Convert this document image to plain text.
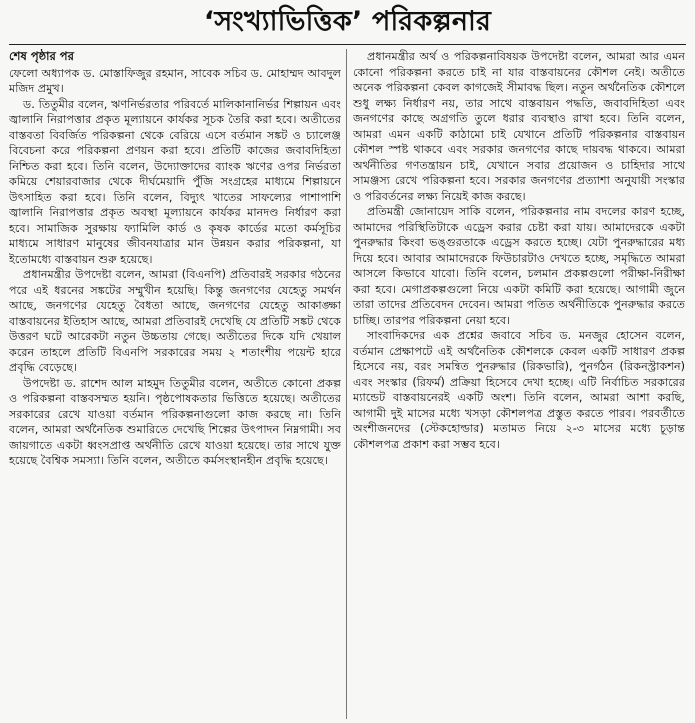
‘সংখ্যাভিত্তিক’ পরিকল্পনার
শেষ পৃষ্ঠার পর

ফেলো অধ্যাপক ড. মোস্তাফিজুর রহমান, সাবেক সচিব ড. মোহাম্মদ আবদুল মজিদ প্রমুখ।

ড. তিতুমীর বলেন, ঋণনির্ভরতার পরিবর্তে মালিকানানির্ভর শিল্পায়ন এবং জ্বালানি নিরাপত্তার প্রকৃত মূল্যায়নে কার্যকর সূচক তৈরি করা হবে। অতীতের বাস্তবতা বিবর্জিত পরিকল্পনা থেকে বেরিয়ে এসে বর্তমান সঙ্কট ও চ্যালেঞ্জ বিবেচনা করে পরিকল্পনা প্রণয়ন করা হবে। প্রতিটি কাজের জবাবদিহিতা নিশ্চিত করা হবে। তিনি বলেন, উদ্যোক্তাদের ব্যাংক ঋণের ওপর নির্ভরতা কমিয়ে শেয়ারবাজার থেকে দীর্ঘমেয়াদি পুঁজি সংগ্রহের মাধ্যমে শিল্পায়নে উৎসাহিত করা হবে। তিনি বলেন, বিদ্যুৎ খাতের সাফল্যের পাশাপাশি জ্বালানি নিরাপত্তার প্রকৃত অবস্থা মূল্যায়নে কার্যকর মানদণ্ড নির্ধারণ করা হবে। সামাজিক সুরক্ষায় ফ্যামিলি কার্ড ও কৃষক কার্ডের মতো কর্মসূচির মাধ্যমে সাধারণ মানুষের জীবনযাত্রার মান উন্নয়ন করার পরিকল্পনা, যা ইতোমধ্যে বাস্তবায়ন শুরু হয়েছে।

প্রধানমন্ত্রীর উপদেষ্টা বলেন, আমরা (বিএনপি) প্রতিবারই সরকার গঠনের পরে এই ধরনের সঙ্কটের সম্মুখীন হয়েছি। কিন্তু জনগণের যেহেতু সমর্থন আছে, জনগণের যেহেতু বৈধতা আছে, জনগণের যেহেতু আকাঙ্ক্ষা বাস্তবায়নের ইতিহাস আছে, আমরা প্রতিবারই দেখেছি যে প্রতিটি সঙ্কট থেকে উত্তরণ ঘটে আরেকটা নতুন উচ্চতায় গেছে। অতীতের দিকে যদি খেয়াল করেন তাহলে প্রতিটি বিএনপি সরকারের সময় ২ শতাংশীয় পয়েন্ট হারে প্রবৃদ্ধি বেড়েছে।

উপদেষ্টা ড. রাশেদ আল মাহমুদ তিতুমীর বলেন, অতীতে কোনো প্রকল্প ও পরিকল্পনা বাস্তবসম্মত হয়নি। পৃষ্ঠপোষকতার ভিত্তিতে হয়েছে। অতীতের সরকারের রেখে যাওয়া বর্তমান পরিকল্পনাগুলো কাজ করছে না। তিনি বলেন, আমরা অর্থনৈতিক শুমারিতে দেখেছি শিল্পের উৎপাদন নিম্নগামী। সব জায়গাতে একটা ধ্বংসপ্রাপ্ত অর্থনীতি রেখে যাওয়া হয়েছে। তার সাথে যুক্ত হয়েছে বৈশ্বিক সমস্যা। তিনি বলেন, অতীতে কর্মসংস্থানহীন প্রবৃদ্ধি হয়েছে।

প্রধানমন্ত্রীর অর্থ ও পরিকল্পনাবিষয়ক উপদেষ্টা বলেন, আমরা আর এমন কোনো পরিকল্পনা করতে চাই না যার বাস্তবায়নের কৌশল নেই। অতীতে অনেক পরিকল্পনা কেবল কাগজেই সীমাবদ্ধ ছিল। নতুন অর্থনৈতিক কৌশলে শুধু লক্ষ্য নির্ধারণ নয়, তার সাথে বাস্তবায়ন পদ্ধতি, জবাবদিহিতা এবং জনগণের কাছে অগ্রগতি তুলে ধরার ব্যবস্থাও রাখা হবে। তিনি বলেন, আমরা এমন একটি কাঠামো চাই যেখানে প্রতিটি পরিকল্পনার বাস্তবায়ন কৌশল স্পষ্ট থাকবে এবং সরকার জনগণের কাছে দায়বদ্ধ থাকবে। আমরা অর্থনীতির গণতন্ত্রায়ন চাই, যেখানে সবার প্রয়োজন ও চাহিদার সাথে সামঞ্জস্য রেখে পরিকল্পনা হবে। সরকার জনগণের প্রত্যাশা অনুযায়ী সংস্কার ও পরিবর্তনের লক্ষ্য নিয়েই কাজ করছে।

প্রতিমন্ত্রী জোনায়েদ সাকি বলেন, পরিকল্পনার নাম বদলের কারণ হচ্ছে, আমাদের পরিস্থিতিটাকে এড্রেস করার চেষ্টা করা যায়। আমাদেরকে একটা পুনরুদ্ধার কিংবা ভঙ্গুরতাকে এড্রেস করতে হচ্ছে। যেটা পুনরুদ্ধারের মধ্য দিয়ে হবে। আবার আমাদেরকে ফিউচারটাও দেখতে হচ্ছে, সমৃদ্ধিতে আমরা আসলে কিভাবে যাবো। তিনি বলেন, চলমান প্রকল্পগুলো পরীক্ষা-নিরীক্ষা করা হবে। মেগাপ্রকল্পগুলো নিয়ে একটা কমিটি করা হয়েছে। আগামী জুনে তারা তাদের প্রতিবেদন দেবেন। আমরা পতিত অর্থনীতিকে পুনরুদ্ধার করতে চাচ্ছি। তারপর পরিকল্পনা নেয়া হবে।

সাংবাদিকদের এক প্রশ্নের জবাবে সচিব ড. মনজুর হোসেন বলেন, বর্তমান প্রেক্ষাপটে এই অর্থনৈতিক কৌশলকে কেবল একটি সাধারণ প্রকল্প হিসেবে নয়, বরং সমন্বিত পুনরুদ্ধার (রিকভারি), পুনর্গঠন (রিকনস্ট্রাকশন) এবং সংস্কার (রিফর্ম) প্রক্রিয়া হিসেবে দেখা হচ্ছে। এটি নির্বাচিত সরকারের ম্যান্ডেট বাস্তবায়নেরই একটি অংশ। তিনি বলেন, আমরা আশা করছি, আগামী দুই মাসের মধ্যে খসড়া কৌশলপত্র প্রস্তুত করতে পারব। পরবর্তীতে অংশীজনদের (স্টেকহোল্ডার) মতামত নিয়ে ২-৩ মাসের মধ্যে চূড়ান্ত কৌশলপত্র প্রকাশ করা সম্ভব হবে।
